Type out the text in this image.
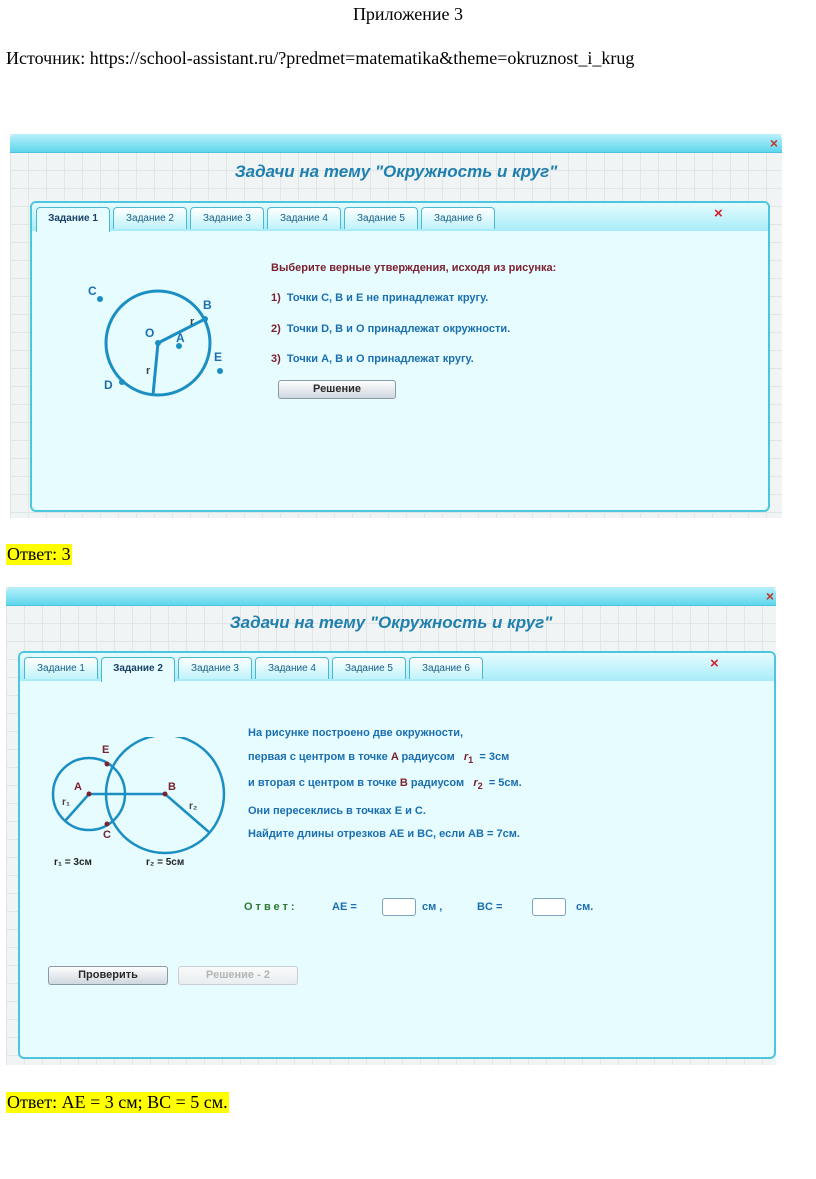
Приложение 3
Источник: https://school-assistant.ru/?predmet=matematika&theme=okruznost_i_krug
×
Задачи на тему "Окружность и круг"
Задание 1	Задание 2	Задание 3	Задание 4	Задание 5	Задание 6	×
C
B
r
O A
r
E
D
Выберите верные утверждения, исходя из рисунка:
1) Точки C, B и E не принадлежат кругу.
2) Точки D, B и O принадлежат окружности.
3) Точки A, B и O принадлежат кругу.
Решение
Ответ: 3
×
Задачи на тему "Окружность и круг"
Задание 1	Задание 2	Задание 3	Задание 4	Задание 5	Задание 6	×
E
A	B
C
r₁	r₂
r₁ = 3см	r₂ = 5см
На рисунке построено две окружности,
первая с центром в точке A радиусом $r_1 = 3см$
и вторая с центром в точке B радиусом $r_2 = 5см$.
Они пересеклись в точках E и C.
Найдите длины отрезков AE и BC, если AB = 7см.
Ответ:	AE =	см ,	BC =	см.
Проверить	Решение - 2
Ответ: AE = 3 см; BC = 5 см.
